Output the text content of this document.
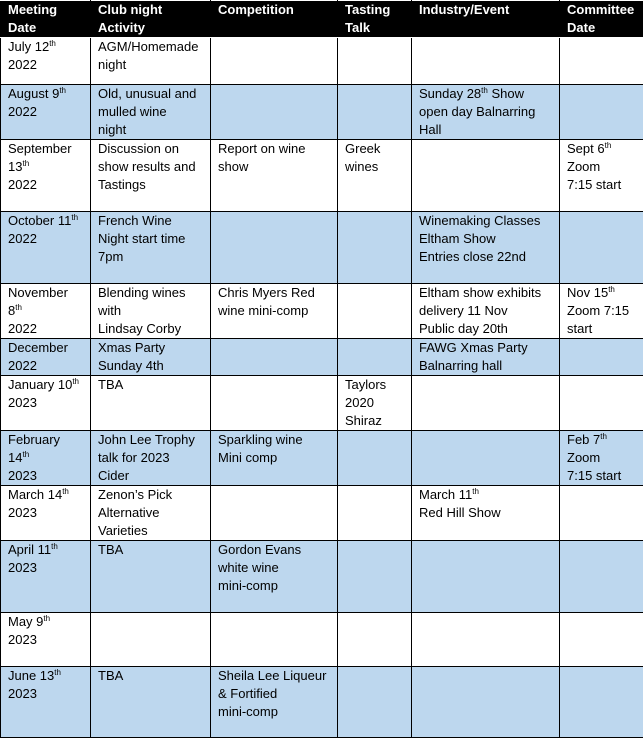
Meeting
Date	Club night
Activity	Competition	Tasting
Talk	Industry/Event	Committee
Date

July 12th
2022	AGM/Homemade
night				

August 9th
2022	Old, unusual and
mulled wine
night			Sunday 28th Show
open day Balnarring
Hall	

September
13th
2022	Discussion on
show results and
Tastings	Report on wine
show	Greek
wines		Sept 6th
Zoom
7:15 start

October 11th
2022	French Wine
Night start time
7pm			Winemaking Classes
Eltham Show
Entries close 22nd	

November
8th
2022	Blending wines
with
Lindsay Corby	Chris Myers Red
wine mini-comp		Eltham show exhibits
delivery 11 Nov
Public day 20th	Nov 15th
Zoom 7:15
start

December
2022	Xmas Party
Sunday 4th			FAWG Xmas Party
Balnarring hall	

January 10th
2023	TBA		Taylors
2020
Shiraz		

February
14th
2023	John Lee Trophy
talk for 2023
Cider	Sparkling wine
Mini comp			Feb 7th
Zoom
7:15 start

March 14th
2023	Zenon’s Pick
Alternative
Varieties			March 11th
Red Hill Show	

April 11th
2023	TBA	Gordon Evans
white wine
mini-comp			

May 9th
2023					

June 13th
2023	TBA	Sheila Lee Liqueur
& Fortified
mini-comp			
